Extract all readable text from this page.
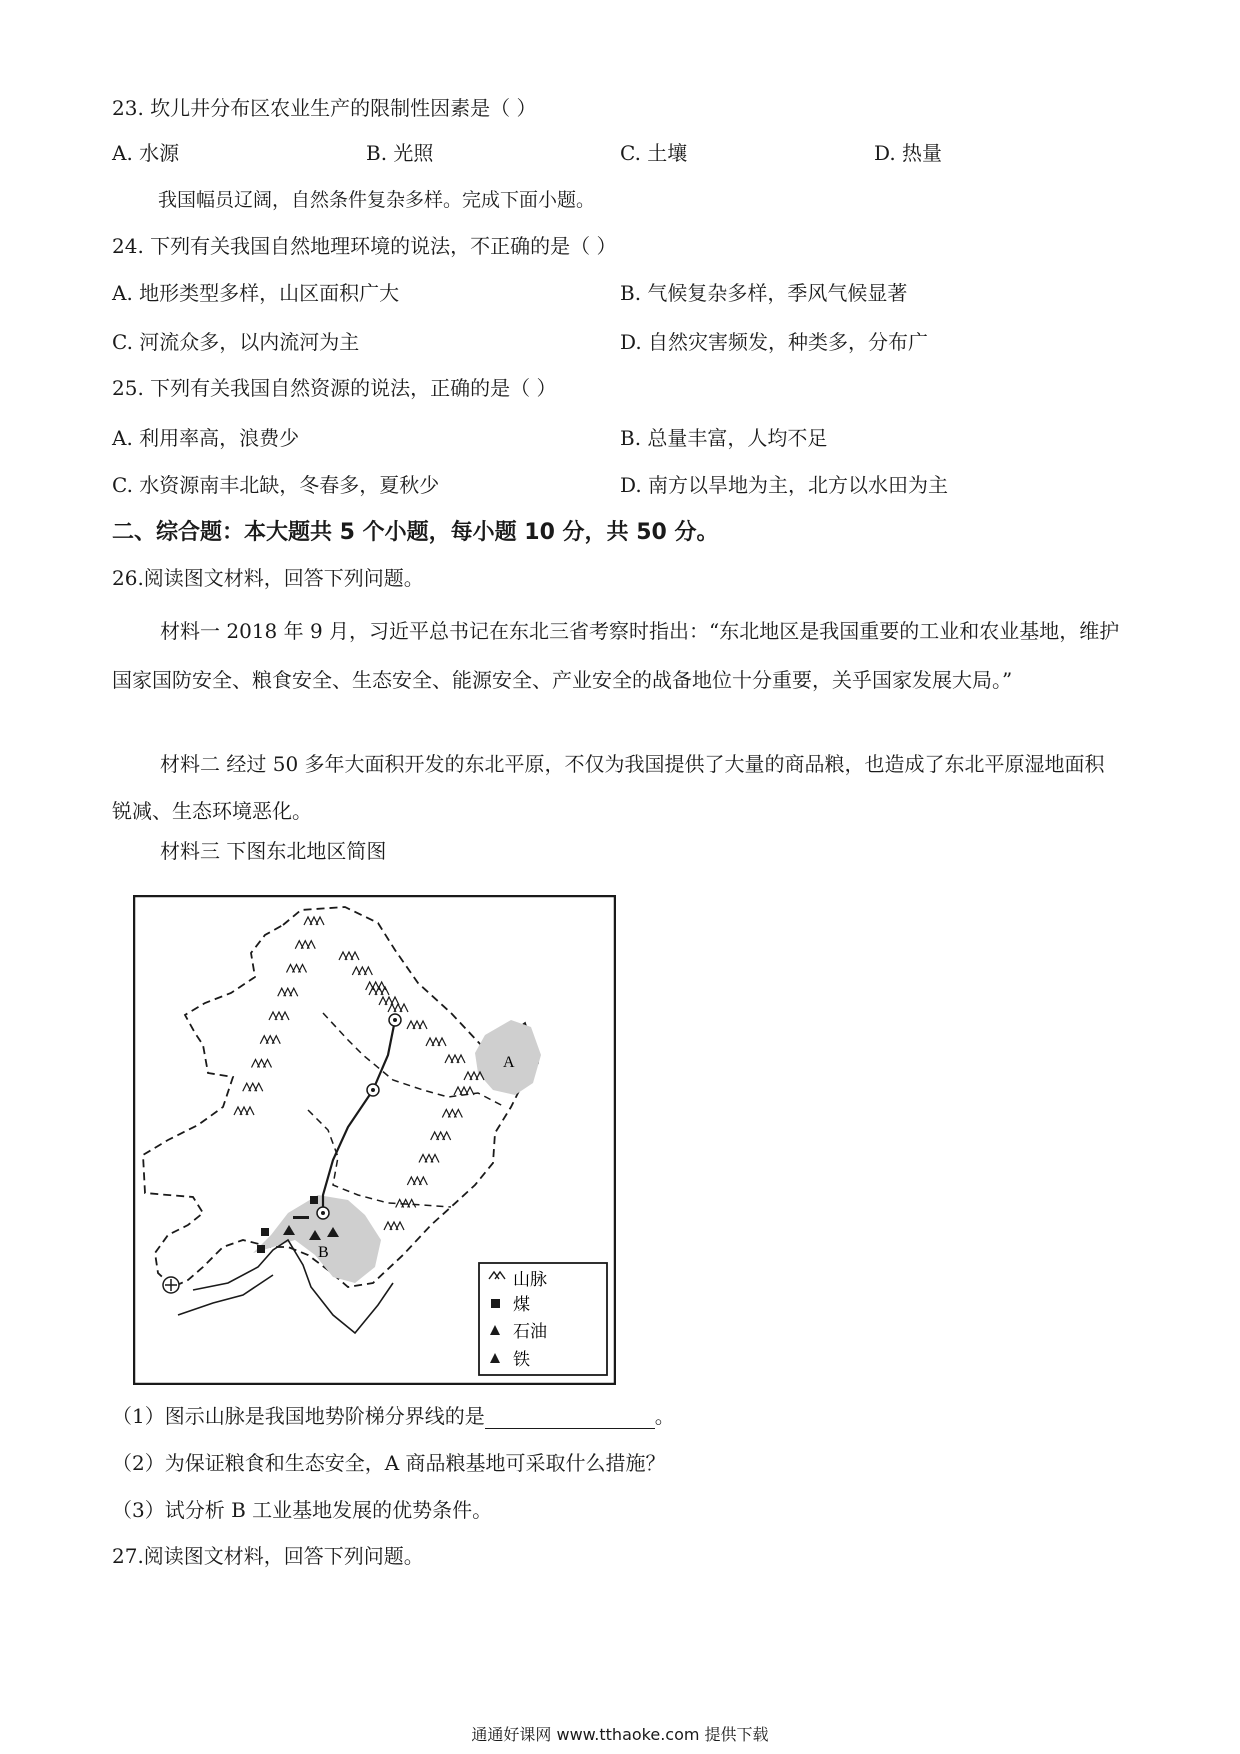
23. 坎儿井分布区农业生产的限制性因素是（ ）
A. 水源	B. 光照	C. 土壤	D. 热量
我国幅员辽阔，自然条件复杂多样。完成下面小题。
24. 下列有关我国自然地理环境的说法，不正确的是（ ）
A. 地形类型多样，山区面积广大	B. 气候复杂多样，季风气候显著
C. 河流众多，以内流河为主	D. 自然灾害频发，种类多，分布广
25. 下列有关我国自然资源的说法，正确的是（ ）
A. 利用率高，浪费少	B. 总量丰富，人均不足
C. 水资源南丰北缺，冬春多，夏秋少	D. 南方以旱地为主，北方以水田为主
二、综合题：本大题共 5 个小题，每小题 10 分，共 50 分。
26.阅读图文材料，回答下列问题。
材料一 2018 年 9 月，习近平总书记在东北三省考察时指出：“东北地区是我国重要的工业和农业基地，维护国家国防安全、粮食安全、生态安全、能源安全、产业安全的战备地位十分重要，关乎国家发展大局。”
材料二 经过 50 多年大面积开发的东北平原，不仅为我国提供了大量的商品粮，也造成了东北平原湿地面积锐减、生态环境恶化。
材料三 下图东北地区简图
A
B
山脉
煤
石油
铁
（1）图示山脉是我国地势阶梯分界线的是	。
（2）为保证粮食和生态安全，A 商品粮基地可采取什么措施？
（3）试分析 B 工业基地发展的优势条件。
27.阅读图文材料，回答下列问题。
通通好课网 www.tthaoke.com 提供下载
